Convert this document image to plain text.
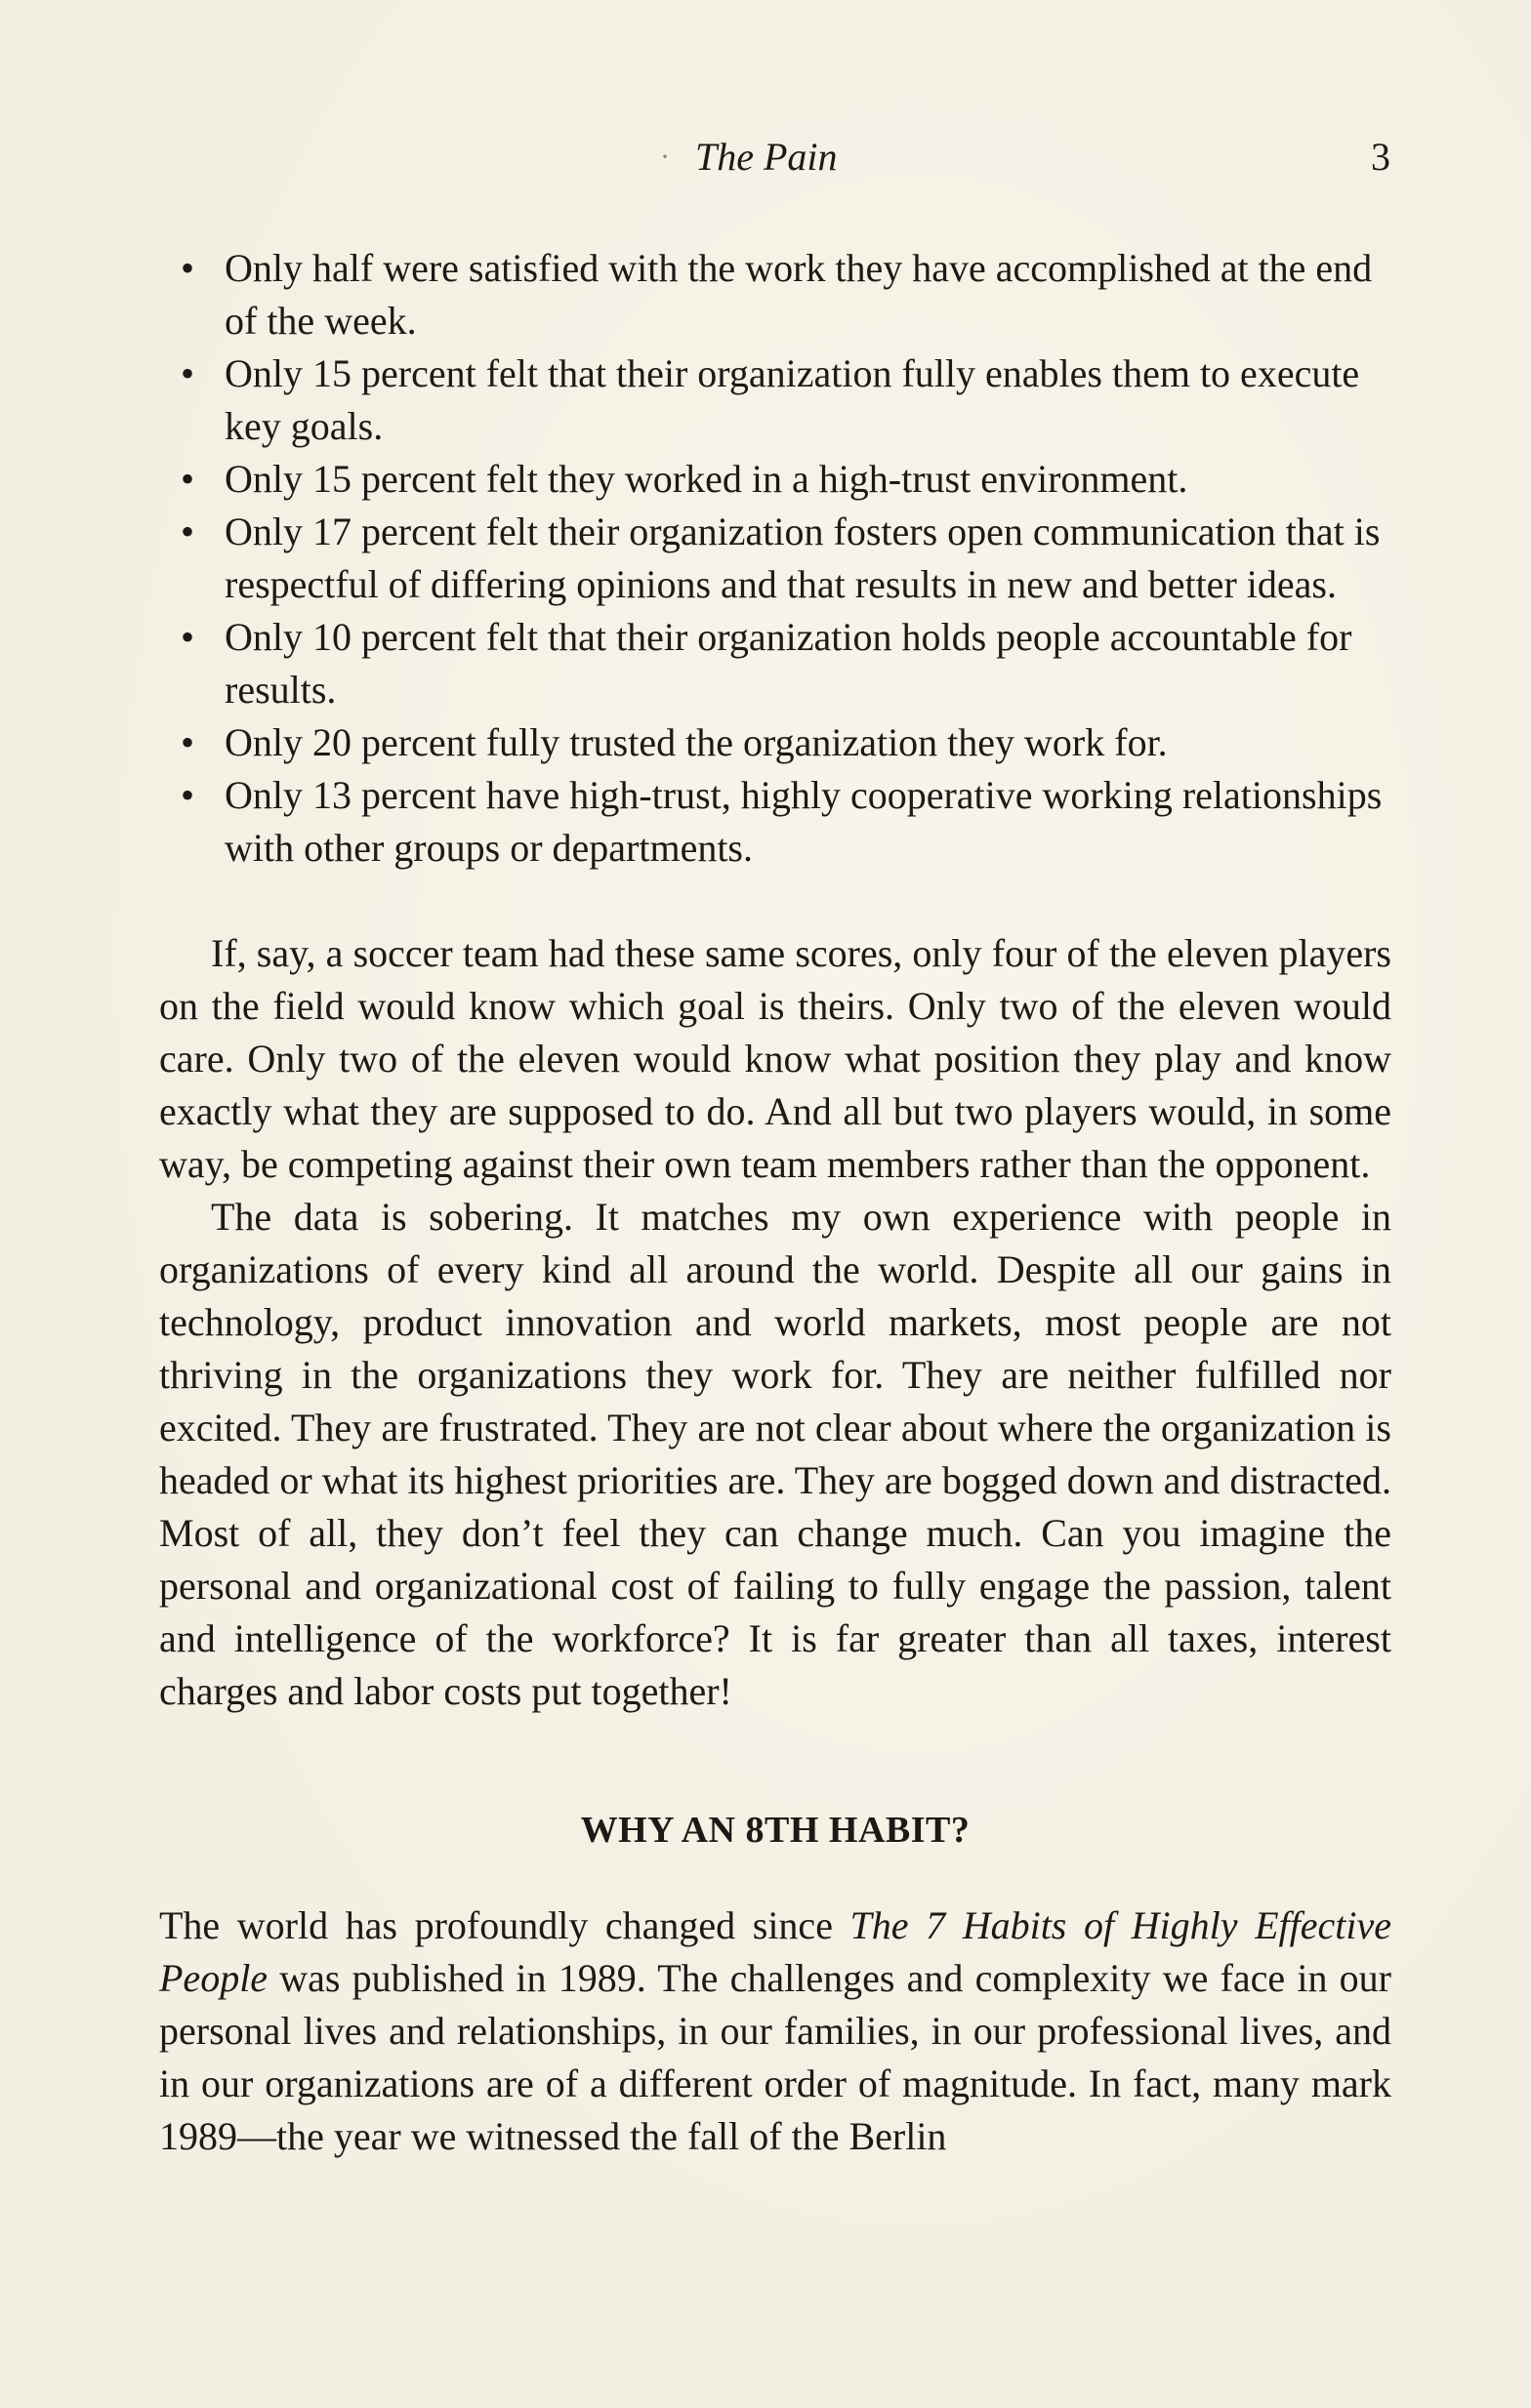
· The Pain	3
• Only half were satisfied with the work they have accomplished at the end of the week.
• Only 15 percent felt that their organization fully enables them to execute key goals.
• Only 15 percent felt they worked in a high-trust environment.
• Only 17 percent felt their organization fosters open communication that is respectful of differing opinions and that results in new and better ideas.
• Only 10 percent felt that their organization holds people accountable for results.
• Only 20 percent fully trusted the organization they work for.
• Only 13 percent have high-trust, highly cooperative working relationships with other groups or departments.

If, say, a soccer team had these same scores, only four of the eleven players on the field would know which goal is theirs. Only two of the eleven would care. Only two of the eleven would know what position they play and know exactly what they are supposed to do. And all but two players would, in some way, be competing against their own team members rather than the opponent.

The data is sobering. It matches my own experience with people in organizations of every kind all around the world. Despite all our gains in technology, product innovation and world markets, most people are not thriving in the organizations they work for. They are neither fulfilled nor excited. They are frustrated. They are not clear about where the organization is headed or what its highest priorities are. They are bogged down and distracted. Most of all, they don’t feel they can change much. Can you imagine the personal and organizational cost of failing to fully engage the passion, talent and intelligence of the workforce? It is far greater than all taxes, interest charges and labor costs put together!

WHY AN 8TH HABIT?

The world has profoundly changed since The 7 Habits of Highly Effective People was published in 1989. The challenges and complexity we face in our personal lives and relationships, in our families, in our professional lives, and in our organizations are of a different order of magnitude. In fact, many mark 1989—the year we witnessed the fall of the Berlin
